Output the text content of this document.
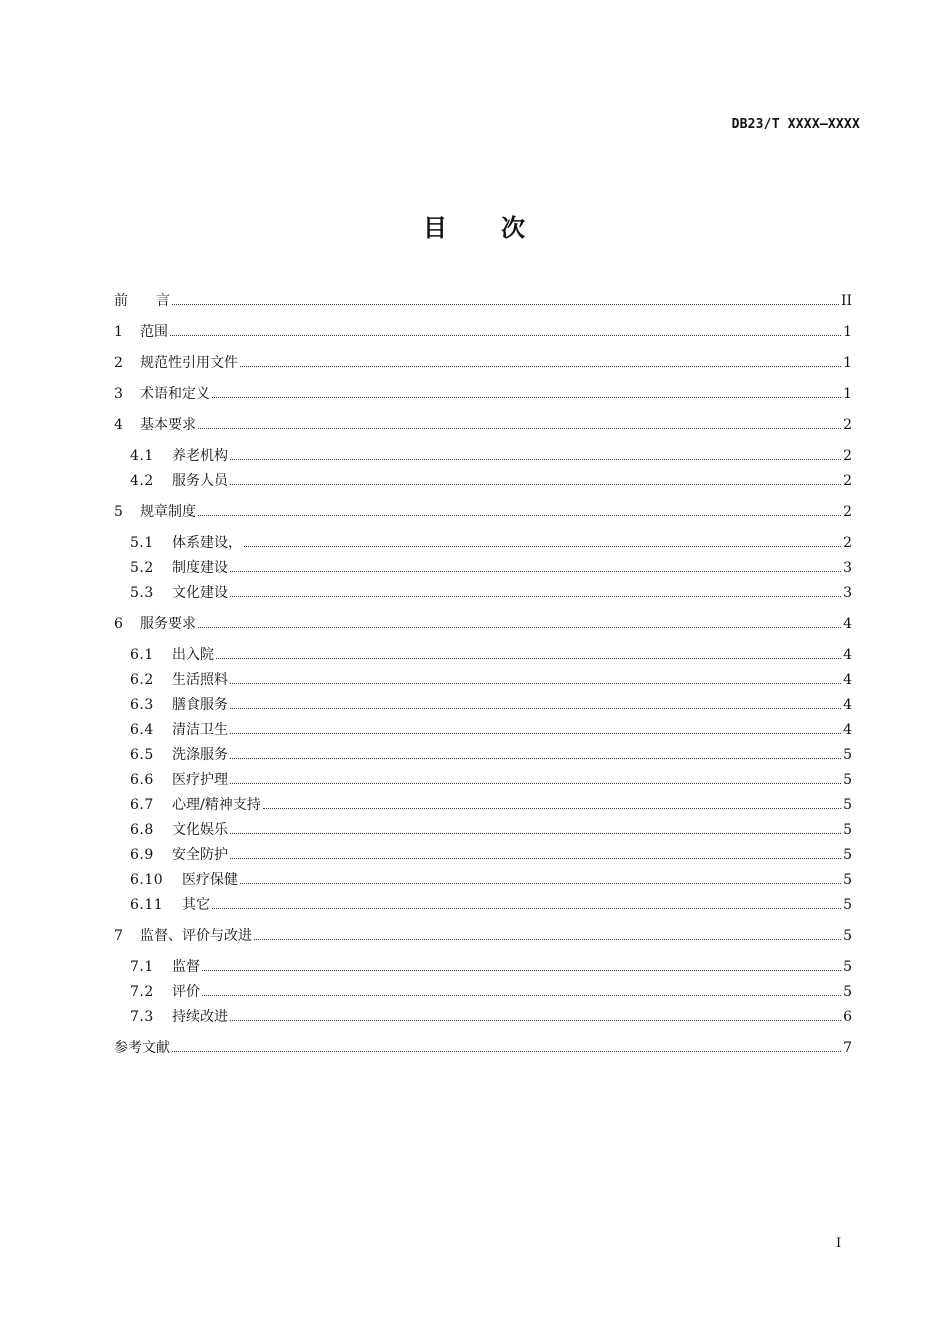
DB23/T XXXX—XXXX
目　　次
前　　言	II
1 范围	1
2 规范性引用文件	1
3 术语和定义	1
4 基本要求	2
4.1 养老机构	2
4.2 服务人员	2
5 规章制度	2
5.1 体系建设，	2
5.2 制度建设	3
5.3 文化建设	3
6 服务要求	4
6.1 出入院	4
6.2 生活照料	4
6.3 膳食服务	4
6.4 清洁卫生	4
6.5 洗涤服务	5
6.6 医疗护理	5
6.7 心理/精神支持	5
6.8 文化娱乐	5
6.9 安全防护	5
6.10 医疗保健	5
6.11 其它	5
7 监督、评价与改进	5
7.1 监督	5
7.2 评价	5
7.3 持续改进	6
参考文献	7
I
